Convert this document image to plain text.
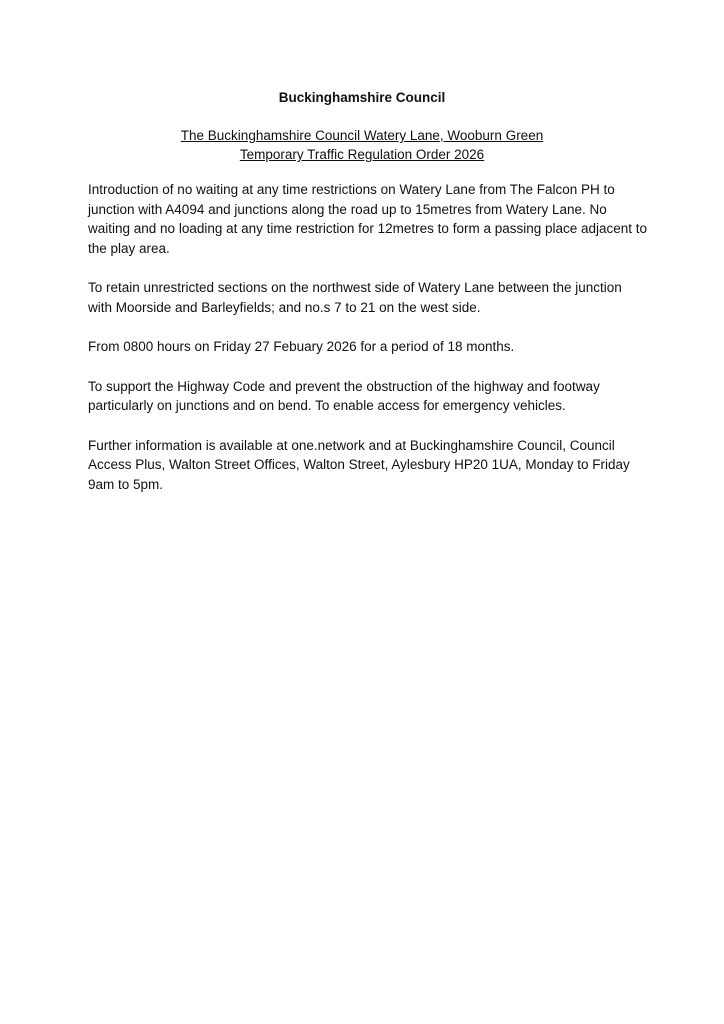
Buckinghamshire Council
The Buckinghamshire Council Watery Lane, Wooburn Green
Temporary Traffic Regulation Order 2026

Introduction of no waiting at any time restrictions on Watery Lane from The Falcon PH to junction with A4094 and junctions along the road up to 15metres from Watery Lane. No waiting and no loading at any time restriction for 12metres to form a passing place adjacent to the play area.

To retain unrestricted sections on the northwest side of Watery Lane between the junction with Moorside and Barleyfields; and no.s 7 to 21 on the west side.

From 0800 hours on Friday 27 Febuary 2026 for a period of 18 months.

To support the Highway Code and prevent the obstruction of the highway and footway particularly on junctions and on bend. To enable access for emergency vehicles.

Further information is available at one.network and at Buckinghamshire Council, Council Access Plus, Walton Street Offices, Walton Street, Aylesbury HP20 1UA, Monday to Friday 9am to 5pm.
